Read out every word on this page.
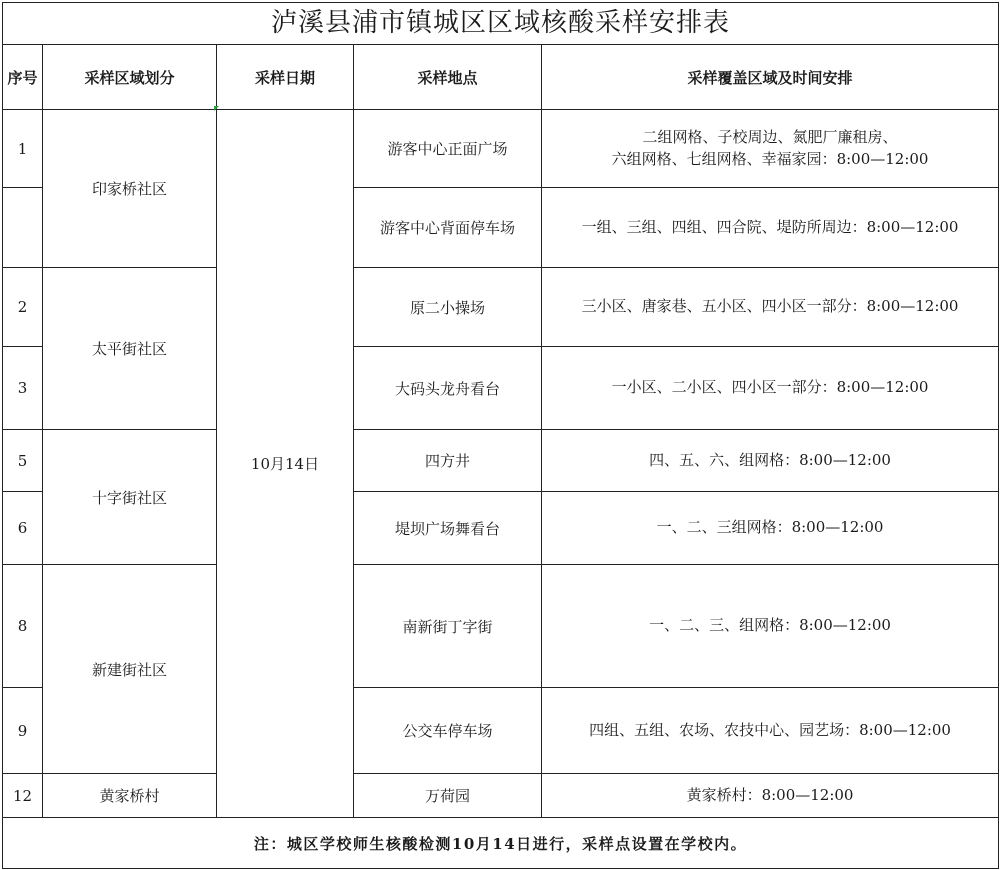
泸溪县浦市镇城区区域核酸采样安排表				
序号	采样区域划分	采样日期	采样地点	采样覆盖区域及时间安排
1	印家桥社区	10月14日	游客中心正面广场	二组网格、子校周边、氮肥厂廉租房、
六组网格、七组网格、幸福家园：8:00—12:00

			游客中心背面停车场	一组、三组、四组、四合院、堤防所周边：8:00—12:00

2	太平街社区		原二小操场	三小区、唐家巷、五小区、四小区一部分：8:00—12:00

3			大码头龙舟看台	一小区、二小区、四小区一部分：8:00—12:00

5	十字街社区		四方井	四、五、六、组网格：8:00—12:00

6			堤坝广场舞看台	一、二、三组网格：8:00—12:00

8	新建街社区		南新街丁字街	一、二、三、组网格：8:00—12:00

9			公交车停车场	四组、五组、农场、农技中心、园艺场：8:00—12:00

12	黄家桥村		万荷园	黄家桥村：8:00—12:00

注：城区学校师生核酸检测10月14日进行，采样点设置在学校内。				
